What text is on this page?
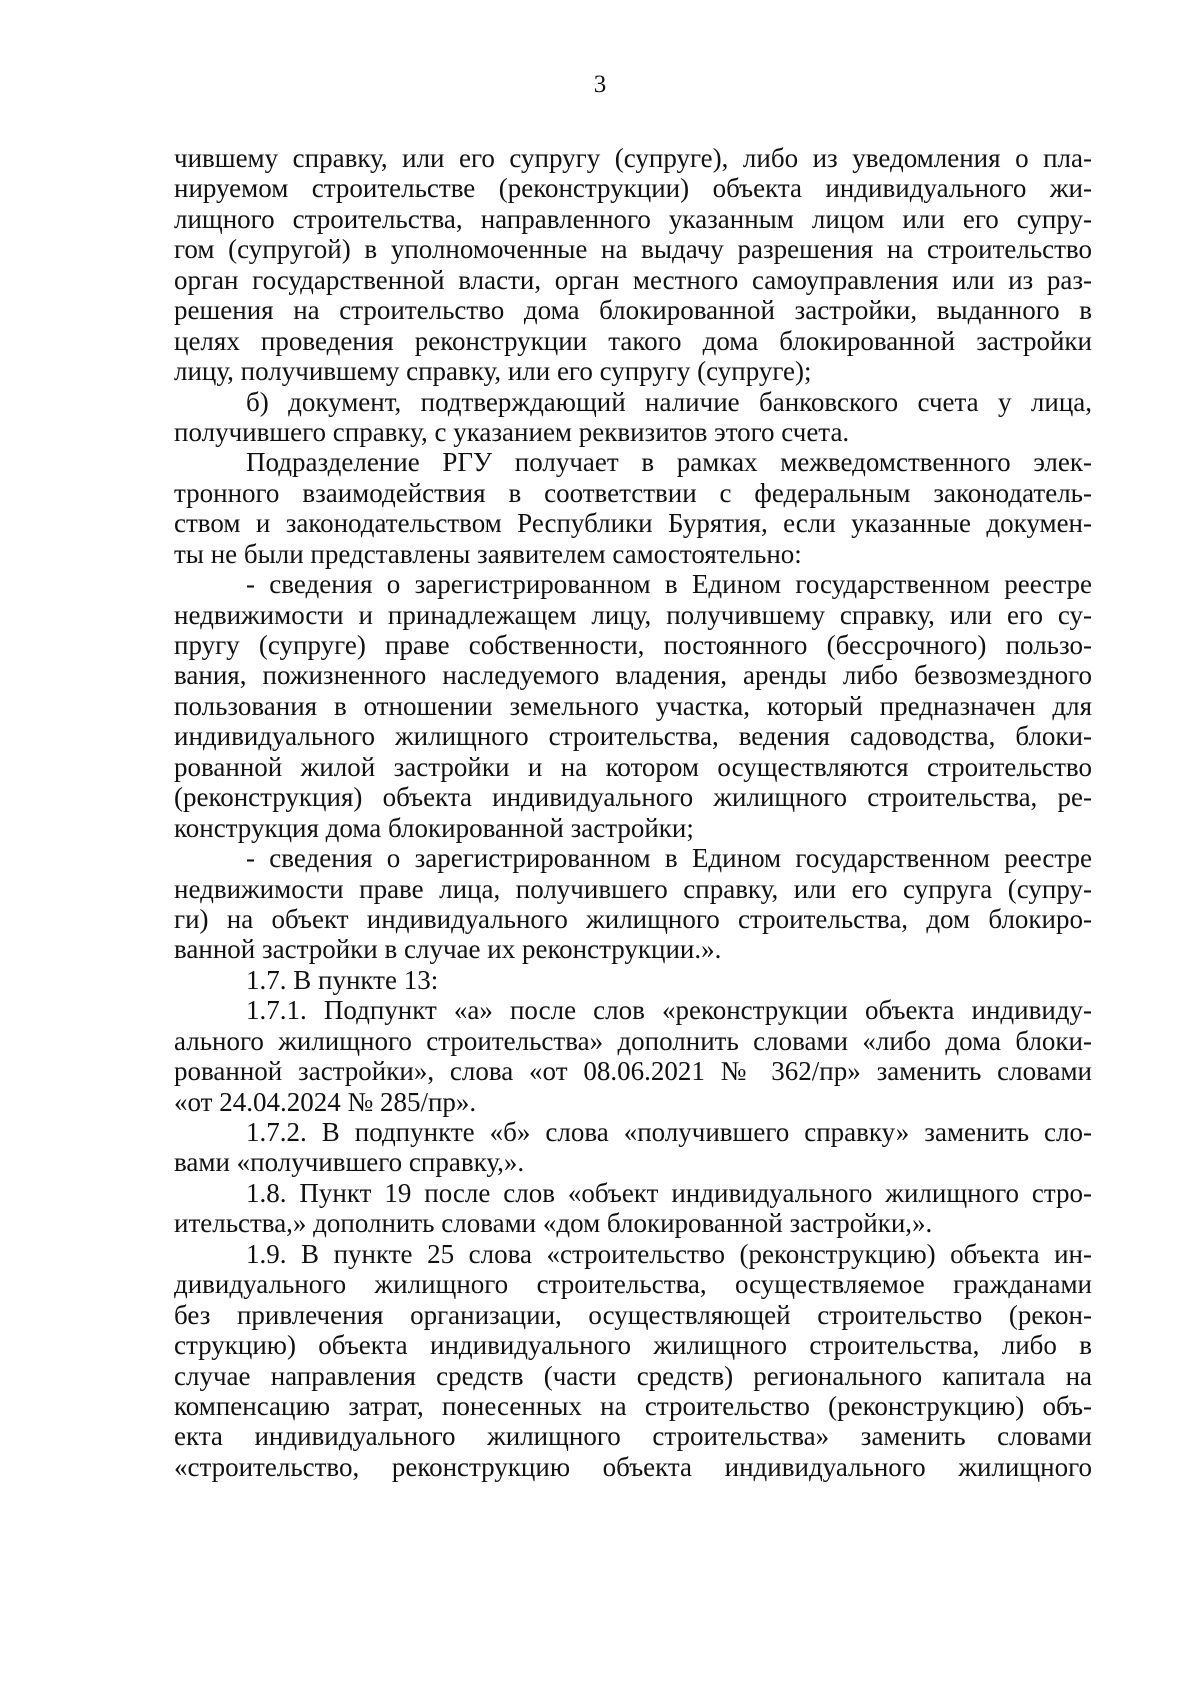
3
чившему справку, или его супругу (супруге), либо из уведомления о пла-
нируемом строительстве (реконструкции) объекта индивидуального жи-
лищного строительства, направленного указанным лицом или его супру-
гом (супругой) в уполномоченные на выдачу разрешения на строительство
орган государственной власти, орган местного самоуправления или из раз-
решения на строительство дома блокированной застройки, выданного в
целях проведения реконструкции такого дома блокированной застройки
лицу, получившему справку, или его супругу (супруге);
б) документ, подтверждающий наличие банковского счета у лица,
получившего справку, с указанием реквизитов этого счета.
Подразделение РГУ получает в рамках межведомственного элек-
тронного взаимодействия в соответствии с федеральным законодатель-
ством и законодательством Республики Бурятия, если указанные докумен-
ты не были представлены заявителем самостоятельно:
- сведения о зарегистрированном в Едином государственном реестре
недвижимости и принадлежащем лицу, получившему справку, или его су-
пругу (супруге) праве собственности, постоянного (бессрочного) пользо-
вания, пожизненного наследуемого владения, аренды либо безвозмездного
пользования в отношении земельного участка, который предназначен для
индивидуального жилищного строительства, ведения садоводства, блоки-
рованной жилой застройки и на котором осуществляются строительство
(реконструкция) объекта индивидуального жилищного строительства, ре-
конструкция дома блокированной застройки;
- сведения о зарегистрированном в Едином государственном реестре
недвижимости праве лица, получившего справку, или его супруга (супру-
ги) на объект индивидуального жилищного строительства, дом блокиро-
ванной застройки в случае их реконструкции.».
1.7. В пункте 13:
1.7.1. Подпункт «а» после слов «реконструкции объекта индивиду-
ального жилищного строительства» дополнить словами «либо дома блоки-
рованной застройки», слова «от 08.06.2021 № 362/пр» заменить словами
«от 24.04.2024 № 285/пр».
1.7.2. В подпункте «б» слова «получившего справку» заменить сло-
вами «получившего справку,».
1.8. Пункт 19 после слов «объект индивидуального жилищного стро-
ительства,» дополнить словами «дом блокированной застройки,».
1.9. В пункте 25 слова «строительство (реконструкцию) объекта ин-
дивидуального жилищного строительства, осуществляемое гражданами
без привлечения организации, осуществляющей строительство (рекон-
струкцию) объекта индивидуального жилищного строительства, либо в
случае направления средств (части средств) регионального капитала на
компенсацию затрат, понесенных на строительство (реконструкцию) объ-
екта индивидуального жилищного строительства» заменить словами
«строительство, реконструкцию объекта индивидуального жилищного
